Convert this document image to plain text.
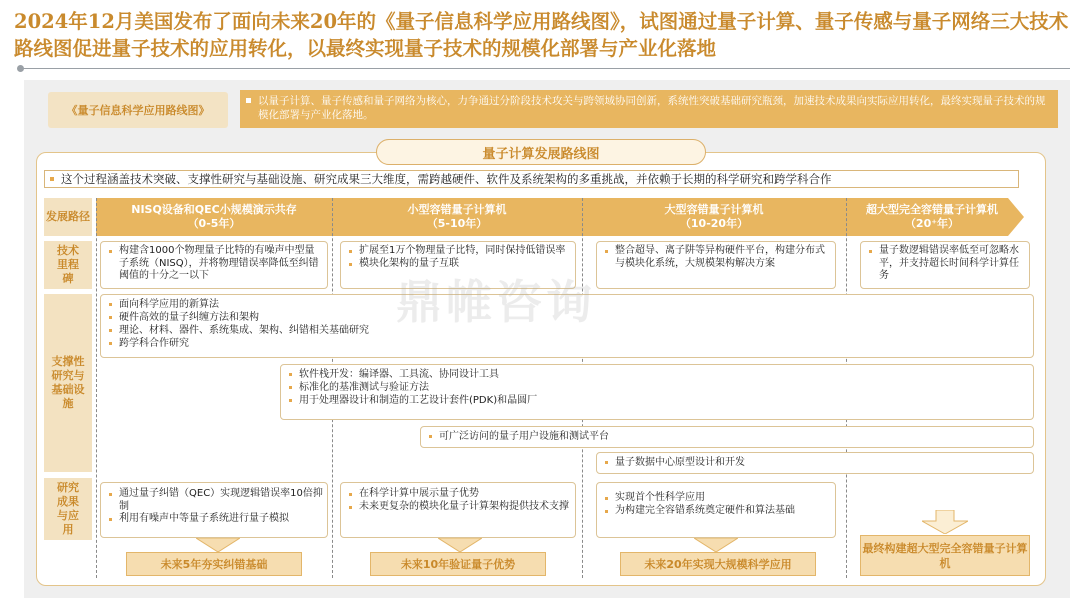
2024年12月美国发布了面向未来20年的《量子信息科学应用路线图》，试图通过量子计算、量子传感与量子网络三大技术路线图促进量子技术的应用转化，以最终实现量子技术的规模化部署与产业化落地
《量子信息科学应用路线图》
以量子计算、量子传感和量子网络为核心，力争通过分阶段技术攻关与跨领域协同创新，系统性突破基础研究瓶颈，加速技术成果向实际应用转化，最终实现量子技术的规模化部署与产业化落地。
量子计算发展路线图
这个过程涵盖技术突破、支撑性研究与基础设施、研究成果三大维度，需跨越硬件、软件及系统架构的多重挑战，并依赖于长期的科学研究和跨学科合作
发展路径
技术里程碑
支撑性研究与基础设施
研究成果与应用
NISQ设备和QEC小规模演示共存
（0-5年）
小型容错量子计算机
（5-10年）
大型容错量子计算机
（10-20年）
超大型完全容错量子计算机
（20⁺年）
构建含1000个物理量子比特的有噪声中型量子系统（NISQ），并将物理错误率降低至纠错阈值的十分之一以下
扩展至1万个物理量子比特，同时保持低错误率
模块化架构的量子互联
整合超导、离子阱等异构硬件平台，构建分布式与模块化系统，大规模架构解决方案
量子数逻辑错误率低至可忽略水平，并支持超长时间科学计算任务
面向科学应用的新算法
硬件高效的量子纠缠方法和架构
理论、材料、器件、系统集成、架构、纠错相关基础研究
跨学科合作研究
软件栈开发：编译器、工具流、协同设计工具
标准化的基准测试与验证方法
用于处理器设计和制造的工艺设计套件(PDK)和晶圆厂
可广泛访问的量子用户设施和测试平台
量子数据中心原型设计和开发
通过量子纠错（QEC）实现逻辑错误率10倍抑制
利用有噪声中等量子系统进行量子模拟
在科学计算中展示量子优势
未来更复杂的模块化量子计算架构提供技术支撑
实现首个性科学应用
为构建完全容错系统奠定硬件和算法基础
未来5年夯实纠错基础	未来10年验证量子优势	未来20年实现大规模科学应用
最终构建超大型完全容错量子计算机
鼎帷咨询
